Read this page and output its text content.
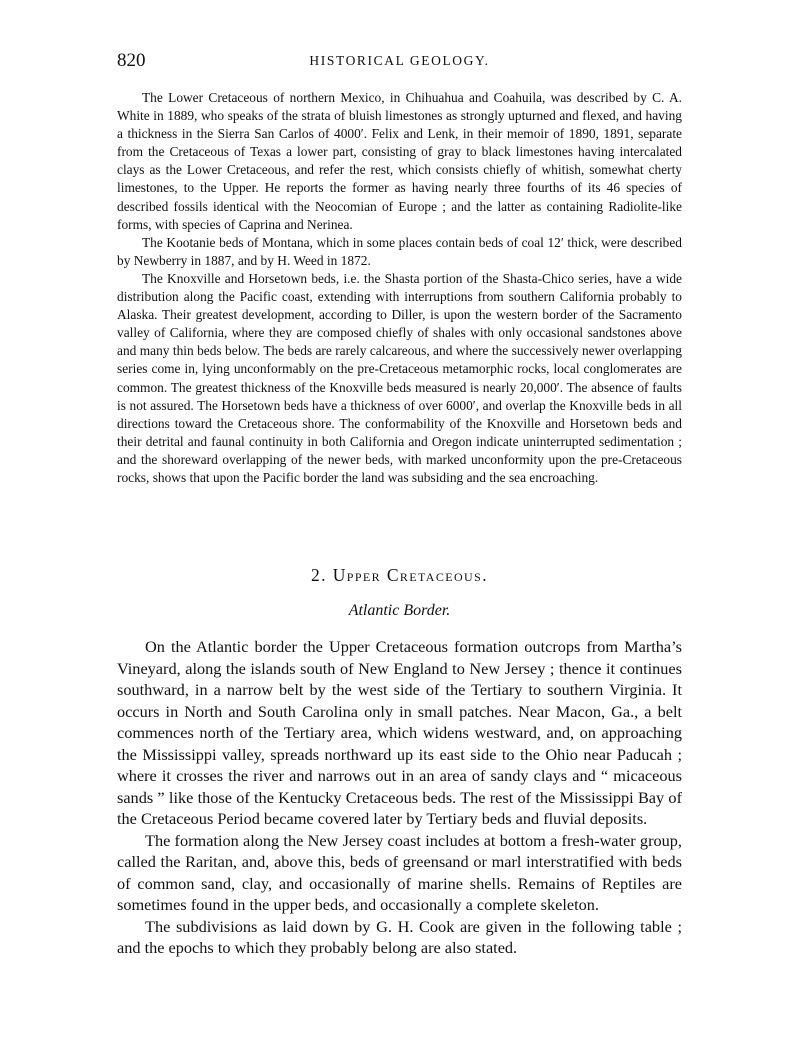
820	HISTORICAL GEOLOGY.

The Lower Cretaceous of northern Mexico, in Chihuahua and Coahuila, was described by C. A. White in 1889, who speaks of the strata of bluish limestones as strongly upturned and flexed, and having a thickness in the Sierra San Carlos of 4000′. Felix and Lenk, in their memoir of 1890, 1891, separate from the Cretaceous of Texas a lower part, consisting of gray to black limestones having intercalated clays as the Lower Cretaceous, and refer the rest, which consists chiefly of whitish, somewhat cherty limestones, to the Upper. He reports the former as having nearly three fourths of its 46 species of described fossils identical with the Neocomian of Europe ; and the latter as containing Radiolite-like forms, with species of Caprina and Nerinea.

The Kootanie beds of Montana, which in some places contain beds of coal 12′ thick, were described by Newberry in 1887, and by H. Weed in 1872.

The Knoxville and Horsetown beds, i.e. the Shasta portion of the Shasta-Chico series, have a wide distribution along the Pacific coast, extending with interruptions from southern California probably to Alaska. Their greatest development, according to Diller, is upon the western border of the Sacramento valley of California, where they are composed chiefly of shales with only occasional sandstones above and many thin beds below. The beds are rarely calcareous, and where the successively newer overlapping series come in, lying unconformably on the pre-Cretaceous metamorphic rocks, local conglomerates are common. The greatest thickness of the Knoxville beds measured is nearly 20,000′. The absence of faults is not assured. The Horsetown beds have a thickness of over 6000′, and overlap the Knoxville beds in all directions toward the Cretaceous shore. The conformability of the Knoxville and Horsetown beds and their detrital and faunal continuity in both California and Oregon indicate uninterrupted sedimentation ; and the shoreward overlapping of the newer beds, with marked unconformity upon the pre-Cretaceous rocks, shows that upon the Pacific border the land was subsiding and the sea encroaching.

2. Upper Cretaceous.
Atlantic Border.

On the Atlantic border the Upper Cretaceous formation outcrops from Martha’s Vineyard, along the islands south of New England to New Jersey ; thence it continues southward, in a narrow belt by the west side of the Tertiary to southern Virginia. It occurs in North and South Carolina only in small patches. Near Macon, Ga., a belt commences north of the Tertiary area, which widens westward, and, on approaching the Mississippi valley, spreads northward up its east side to the Ohio near Paducah ; where it crosses the river and narrows out in an area of sandy clays and “ micaceous sands ” like those of the Kentucky Cretaceous beds. The rest of the Mississippi Bay of the Cretaceous Period became covered later by Tertiary beds and fluvial deposits.

The formation along the New Jersey coast includes at bottom a fresh-water group, called the Raritan, and, above this, beds of greensand or marl interstratified with beds of common sand, clay, and occasionally of marine shells. Remains of Reptiles are sometimes found in the upper beds, and occasionally a complete skeleton.

The subdivisions as laid down by G. H. Cook are given in the following table ; and the epochs to which they probably belong are also stated.
